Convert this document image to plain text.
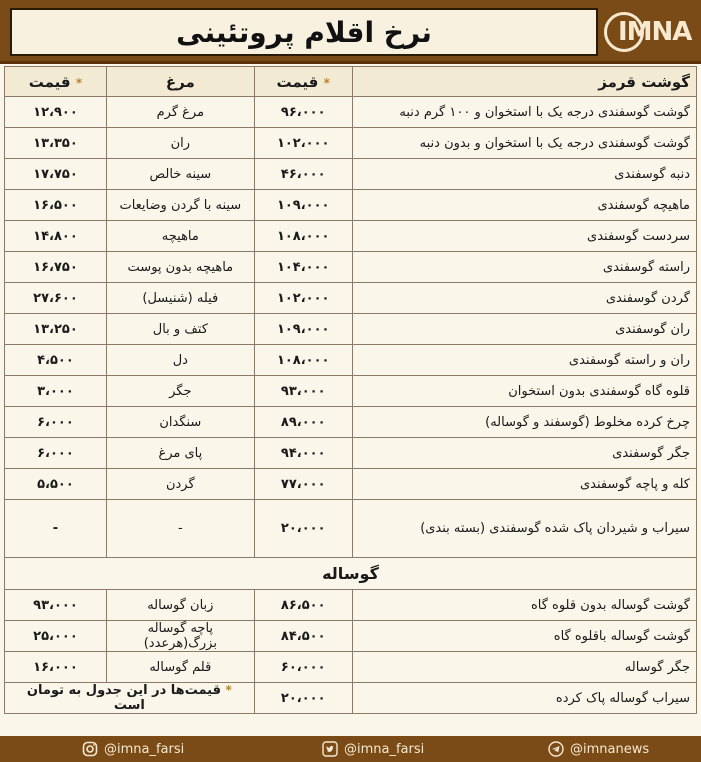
نرخ اقلام پروتئینی	IMNA
گوشت قرمز	* قیمت	مرغ	* قیمت
گوشت گوسفندی درجه یک با استخوان و ۱۰۰ گرم دنبه	۹۶،۰۰۰	مرغ گرم	۱۲،۹۰۰
گوشت گوسفندی درجه یک با استخوان و بدون دنبه	۱۰۲،۰۰۰	ران	۱۳،۳۵۰
دنبه گوسفندی	۴۶،۰۰۰	سینه خالص	۱۷،۷۵۰
ماهیچه گوسفندی	۱۰۹،۰۰۰	سینه با گردن وضایعات	۱۶،۵۰۰
سردست گوسفندی	۱۰۸،۰۰۰	ماهیچه	۱۴،۸۰۰
راسته گوسفندی	۱۰۴،۰۰۰	ماهیچه بدون پوست	۱۶،۷۵۰
گردن گوسفندی	۱۰۲،۰۰۰	فیله (شنیسل)	۲۷،۶۰۰
ران گوسفندی	۱۰۹،۰۰۰	کتف و بال	۱۳،۲۵۰
ران و راسته گوسفندی	۱۰۸،۰۰۰	دل	۴،۵۰۰
قلوه گاه گوسفندی بدون استخوان	۹۳،۰۰۰	جگر	۳،۰۰۰
چرخ کرده مخلوط (گوسفند و گوساله)	۸۹،۰۰۰	سنگدان	۶،۰۰۰
جگر گوسفندی	۹۴،۰۰۰	پای مرغ	۶،۰۰۰
کله و پاچه گوسفندی	۷۷،۰۰۰	گردن	۵،۵۰۰
سیراب و شیردان پاک شده گوسفندی (بسته بندی)	۲۰،۰۰۰	-	-
گوساله			
گوشت گوساله بدون قلوه گاه	۸۶،۵۰۰	زبان گوساله	۹۳،۰۰۰
گوشت گوساله باقلوه گاه	۸۴،۵۰۰	پاچه گوساله بزرگ(هرعدد)	۲۵،۰۰۰
جگر گوساله	۶۰،۰۰۰	قلم گوساله	۱۶،۰۰۰
سیراب گوساله پاک کرده	۲۰،۰۰۰	* قیمت‌ها در این جدول به تومان است	
@imna_farsi	@imna_farsi	@imnanews
